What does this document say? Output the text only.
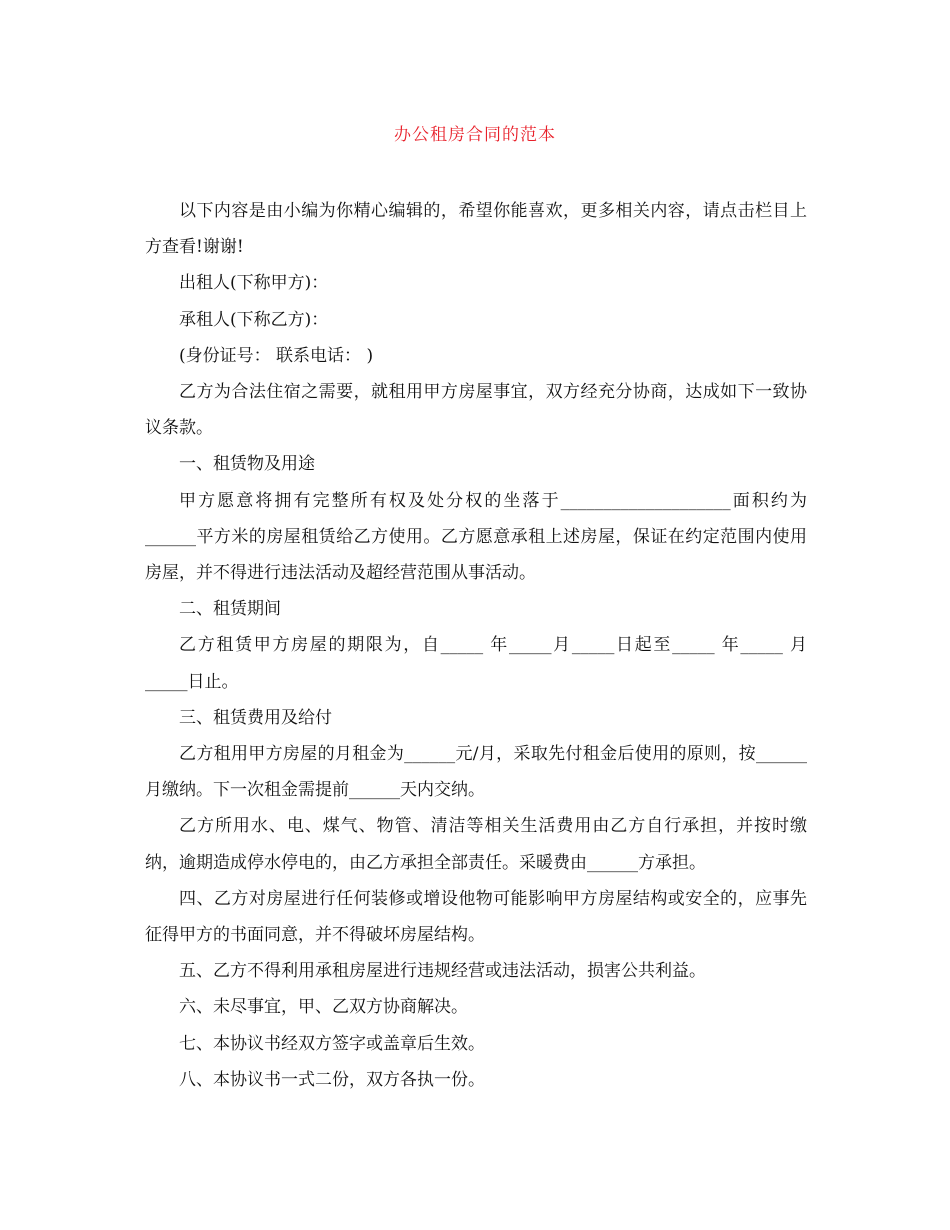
办公租房合同的范本

以下内容是由小编为你精心编辑的，希望你能喜欢，更多相关内容，请点击栏目上方查看!谢谢!

出租人(下称甲方)：

承租人(下称乙方)：

(身份证号： 联系电话： )

乙方为合法住宿之需要，就租用甲方房屋事宜，双方经充分协商，达成如下一致协议条款。

一、租赁物及用途

甲方愿意将拥有完整所有权及处分权的坐落于____________________面积约为______平方米的房屋租赁给乙方使用。乙方愿意承租上述房屋，保证在约定范围内使用房屋，并不得进行违法活动及超经营范围从事活动。

二、租赁期间

乙方租赁甲方房屋的期限为，自_____ 年_____月_____日起至_____ 年_____ 月_____日止。

三、租赁费用及给付

乙方租用甲方房屋的月租金为______元/月，采取先付租金后使用的原则，按______月缴纳。下一次租金需提前______天内交纳。

乙方所用水、电、煤气、物管、清洁等相关生活费用由乙方自行承担，并按时缴纳，逾期造成停水停电的，由乙方承担全部责任。采暖费由______方承担。

四、乙方对房屋进行任何装修或增设他物可能影响甲方房屋结构或安全的，应事先征得甲方的书面同意，并不得破坏房屋结构。

五、乙方不得利用承租房屋进行违规经营或违法活动，损害公共利益。

六、未尽事宜，甲、乙双方协商解决。

七、本协议书经双方签字或盖章后生效。

八、本协议书一式二份，双方各执一份。
